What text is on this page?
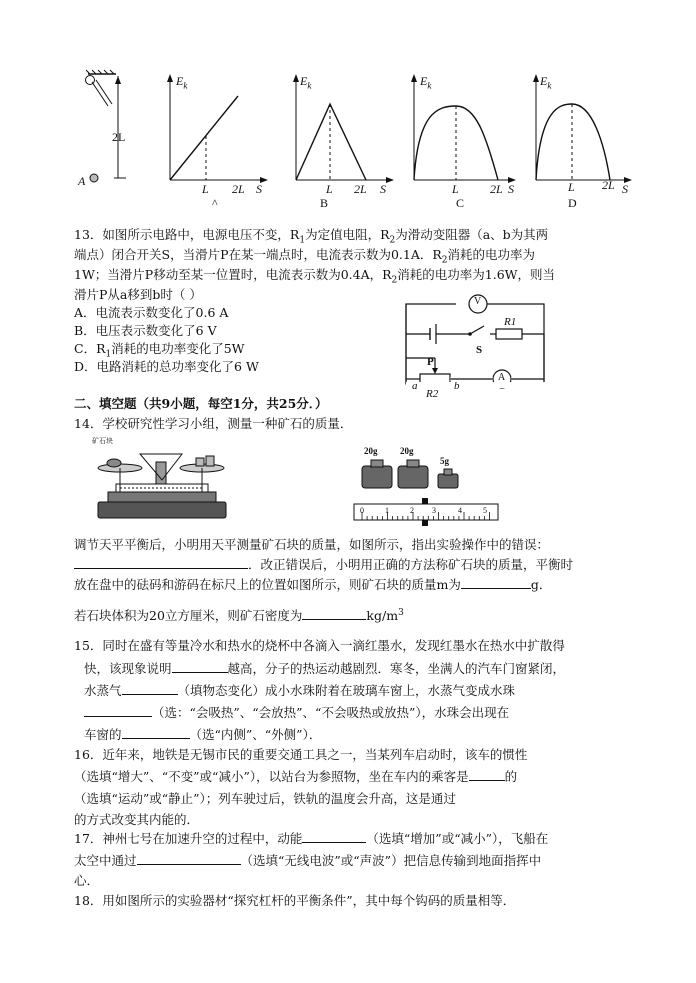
2L
A
$E_k$
L 2L S
^
$E_k$
L 2L S
B
$E_k$
L	2L S
C
$E_k$
L 2L S
D
13．如图所示电路中，电源电压不变，$R_1$为定值电阻，$R_2$为滑动变阻器（a、b为其两
端点）闭合开关S，当滑片P在某一端点时，电流表示数为0.1A．$R_2$消耗的电功率为
1W；当滑片P移动至某一位置时，电流表示数为0.4A，$R_2$消耗的电功率为1.6W，则当
滑片P从a移到b时（ ）
A．电流表示数变化了0.6 A
B．电压表示数变化了6 V
C．$R_1$消耗的电功率变化了5W
D．电路消耗的总功率变化了6 W
V
A
R1
S
P
R2
a	b
二、填空题（共9小题，每空1分，共25分．）
14．学校研究性学习小组，测量一种矿石的质量．
矿石块
20g	20g
5g
0	1	2 3	4	5
调节天平平衡后，小明用天平测量矿石块的质量，如图所示，指出实验操作中的错误：
．改正错误后，小明用正确的方法称矿石块的质量，平衡时
放在盘中的砝码和游码在标尺上的位置如图所示，则矿石块的质量m为	g．
若石块体积为20立方厘米，则矿石密度为	$kg/m^3$
15．同时在盛有等量冷水和热水的烧杯中各滴入一滴红墨水，发现红墨水在热水中扩散得
快，该现象说明	越高，分子的热运动越剧烈．寒冬，坐满人的汽车门窗紧闭，
水蒸气	（填物态变化）成小水珠附着在玻璃车窗上，水蒸气变成水珠
（选：“会吸热”、“会放热”、“不会吸热或放热”），水珠会出现在
车窗的	（选“内侧”、“外侧”）．
16．近年来，地铁是无锡市民的重要交通工具之一，当某列车启动时，该车的惯性
（选填“增大”、“不变”或“减小”），以站台为参照物，坐在车内的乘客是	的
（选填“运动”或“静止”）；列车驶过后，铁轨的温度会升高，这是通过
的方式改变其内能的．
17．神州七号在加速升空的过程中，动能	（选填“增加”或“减小”），飞船在
太空中通过	（选填“无线电波”或“声波”）把信息传输到地面指挥中
心．
18．用如图所示的实验器材“探究杠杆的平衡条件”，其中每个钩码的质量相等．
